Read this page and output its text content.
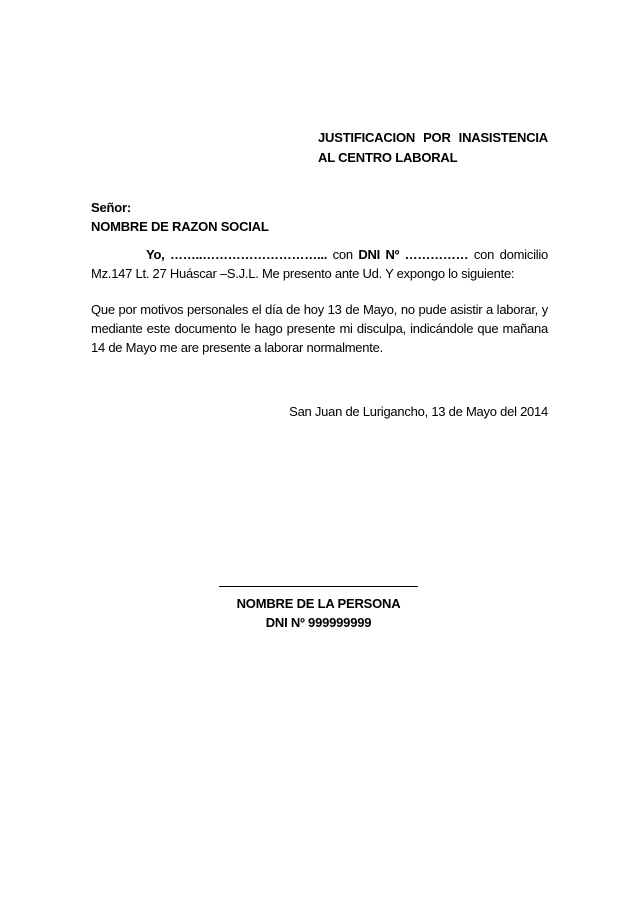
JUSTIFICACION POR INASISTENCIA
AL CENTRO LABORAL
Señor:
NOMBRE DE RAZON SOCIAL
Yo, ……..………………………... con DNI Nº …………… con domicilio
Mz.147 Lt. 27 Huáscar –S.J.L. Me presento ante Ud. Y expongo lo siguiente:
Que por motivos personales el día de hoy 13 de Mayo, no pude asistir a laborar, y mediante este documento le hago presente mi disculpa, indicándole que mañana 14 de Mayo me are presente a laborar normalmente.
San Juan de Lurigancho, 13 de Mayo del 2014
NOMBRE DE LA PERSONA
DNI Nº 999999999
